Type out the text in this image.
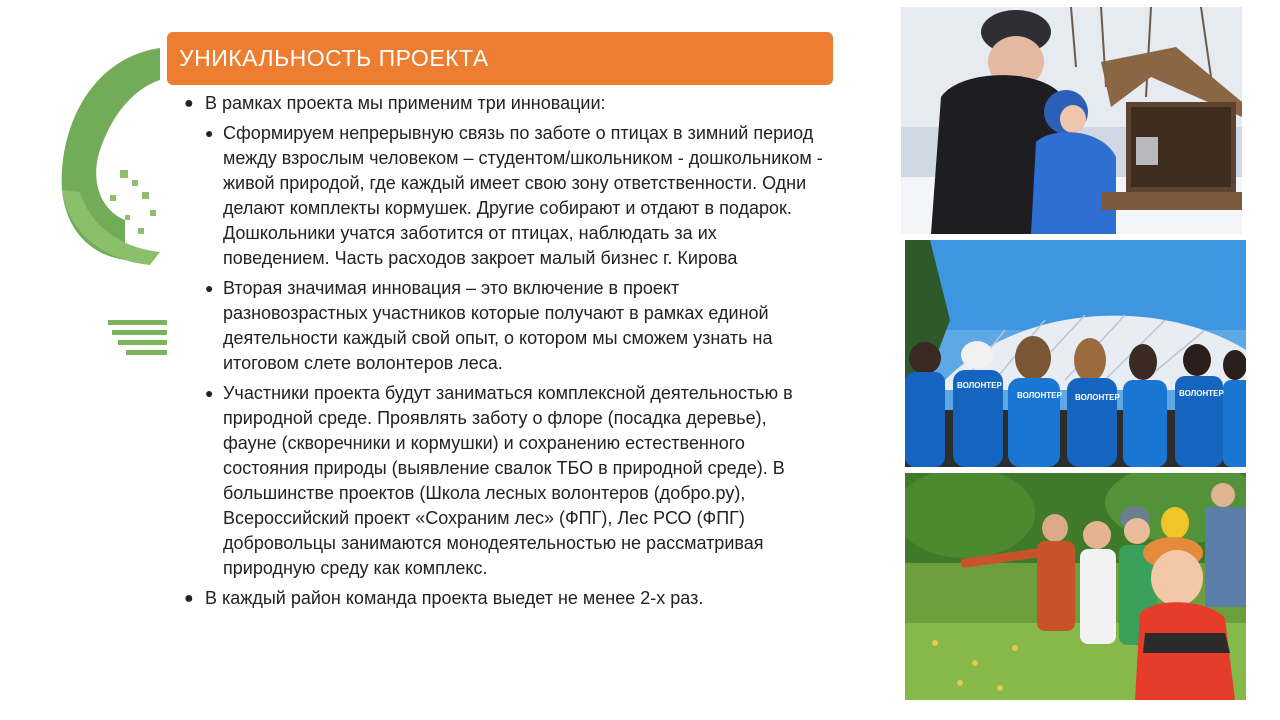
УНИКАЛЬНОСТЬ ПРОЕКТА
● В рамках проекта мы применим три инновации:
● Сформируем непрерывную связь по заботе о птицах в зимний период между взрослым человеком – студентом/школьником - дошкольником - живой природой, где каждый имеет свою зону ответственности. Одни делают комплекты кормушек. Другие собирают и отдают в подарок. Дошкольники учатся заботится от птицах, наблюдать за их поведением. Часть расходов закроет малый бизнес г. Кирова
● Вторая значимая инновация – это включение в проект разновозрастных участников которые получают в рамках единой деятельности каждый свой опыт, о котором мы сможем узнать на итоговом слете волонтеров леса.
● Участники проекта будут заниматься комплексной деятельностью в природной среде. Проявлять заботу о флоре (посадка деревье), фауне (скворечники и кормушки) и сохранению естественного состояния природы (выявление свалок ТБО в природной среде). В большинстве проектов (Школа лесных волонтеров (добро.ру), Всероссийский проект «Сохраним лес» (ФПГ), Лес РСО (ФПГ) добровольцы занимаются монодеятельностью не рассматривая природную среду как комплекс.
● В каждый район команда проекта выедет не менее 2-х раз.
ВОЛОНТЕР
ВОЛОНТЕР ВОЛОНТЕР	ВОЛОНТЕР
